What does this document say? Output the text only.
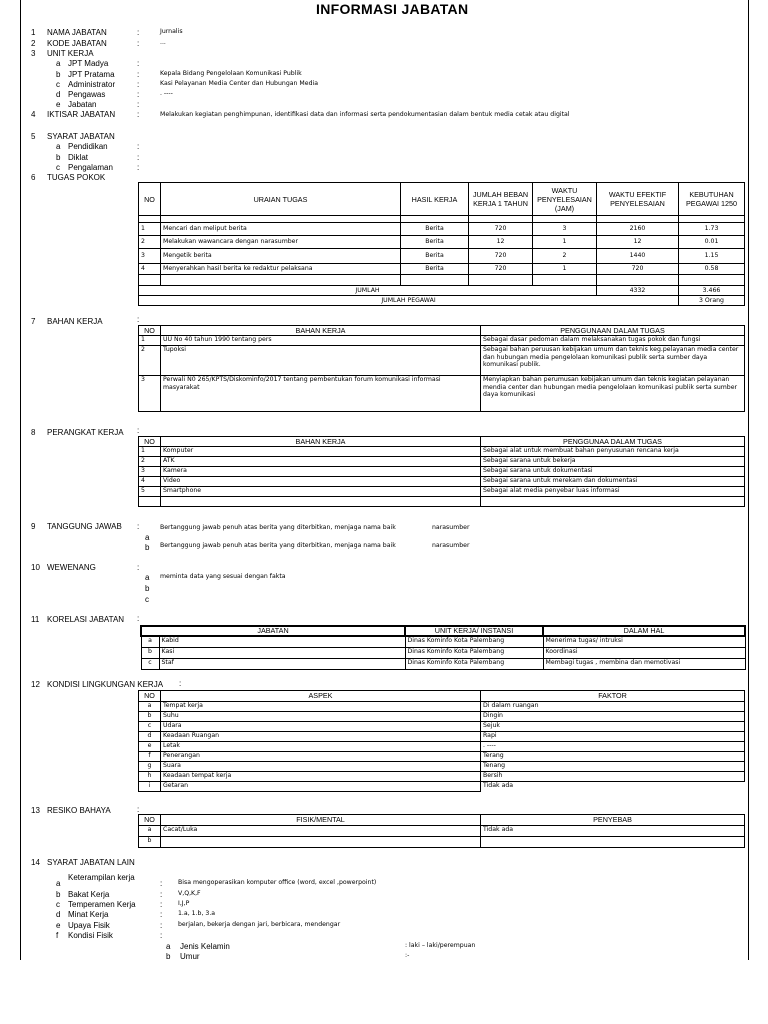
INFORMASI JABATAN
1 NAMA JABATAN	:	Jurnalis
2 KODE JABATAN	:	...
3 UNIT KERJA
a JPT Madya	:
b JPT Pratama	:	Kepala Bidang Pengelolaan Komunikasi Publik
c Administrator	:	Kasi Pelayanan Media Center dan Hubungan Media
d Pengawas	:	. ----
e Jabatan	:
4 IKTISAR JABATAN	:	Melakukan kegiatan penghimpunan, identifikasi data dan informasi serta pendokumentasian dalam bentuk media cetak atau digital
5 SYARAT JABATAN
a Pendidikan	:
b Diklat	:
c Pengalaman	:
6 TUGAS POKOK
NO	URAIAN TUGAS	HASIL KERJA	JUMLAH BEBAN KERJA 1 TAHUN	WAKTU PENYELESAIAN (JAM)	WAKTU EFEKTIF PENYELESAIAN	KEBUTUHAN PEGAWAI 1250

1	Mencari dan meliput berita	Berita	720	3	2160	1.73
2	Melakukan wawancara dengan narasumber	Berita	12	1	12	0.01
3	Mengetik berita	Berita	720	2	1440	1.15
4	Menyerahkan hasil berita ke redaktur pelaksana	Berita	720	1	720	0.58

JUMLAH					4332	3.466
JUMLAH PEGAWAI						3 Orang
7 BAHAN KERJA	:
NO	BAHAN KERJA	PENGGUNAAN DALAM TUGAS
1	UU No 40 tahun 1990 tentang pers	Sebagai dasar pedoman dalam melaksanakan tugas pokok dan fungsi
2	Tupoksi	Sebagai bahan peruusan kebijakan umum dan teknis keg.pelayanan media center dan hubungan media pengelolaan komunikasi publik serta sumber daya komunikasi publik.
3	Perwali N0 265/KPTS/Diskominfo/2017 tentang pembentukan forum komunikasi informasi masyarakat	Menyiapkan bahan perumusan kebijakan umum dan teknis kegiatan pelayanan mendia center dan hubungan media pengelolaan komunikasi publik serta sumber daya komunikasi
8 PERANGKAT KERJA :
NO	BAHAN KERJA	PENGGUNAA DALAM TUGAS
1	Komputer	Sebagai alat untuk membuat bahan penyusunan rencana kerja
2	ATK	Sebagai sarana untuk bekerja
3	Kamera	Sebagai sarana untuk dokumentasi
4	Video	Sebagai sarana untuk merekam dan dokumentasi
5	Smartphone	Sebagai alat media penyebar luas informasi

9 TANGGUNG JAWAB :	Bertanggung jawab penuh atas berita yang diterbitkan, menjaga nama baik	narasumber
a
b Bertanggung jawab penuh atas berita yang diterbitkan, menjaga nama baik	narasumber
10 WEWENANG	:
a meminta data yang sesuai dengan fakta
b
c
11 KORELASI JABATAN :
JABATAN		UNIT KERJA/ INSTANSI	DALAM HAL
a	Kabid	Dinas Kominfo Kota Palembang	Menerima tugas/ intruksi
b	Kasi	Dinas Kominfo Kota Palembang	Koordinasi
c	Staf	Dinas Kominfo Kota Palembang	Membagi tugas , membina dan memotivasi
12 KONDISI LINGKUNGAN KERJA :
NO	ASPEK	FAKTOR
a	Tempat kerja	Di dalam ruangan
b	Suhu	Dingin
c	Udara	Sejuk
d	Keadaan Ruangan	Rapi
e	Letak	. ----
f	Penerangan	Terang
g	Suara	Tenang
h	Keadaan tempat kerja	Bersih
i	Getaran	Tidak ada
13 RESIKO BAHAYA	:
NO	FISIK/MENTAL	PENYEBAB
a	Cacat/Luka	Tidak ada
b		
14 SYARAT JABATAN LAIN
Keterampilan kerja
a	:	Bisa mengoperasikan komputer office (word, excel ,powerpoint)
b Bakat Kerja	:	V,Q,K,F
c Temperamen Kerja	:	I,J,P
d Minat Kerja	:	1.a, 1.b, 3.a
e Upaya Fisik	:	berjalan, bekerja dengan jari, berbicara, mendengar
f Kondisi Fisik	:
a Jenis Kelamin	: laki – laki/perempuan
b Umur	:-
